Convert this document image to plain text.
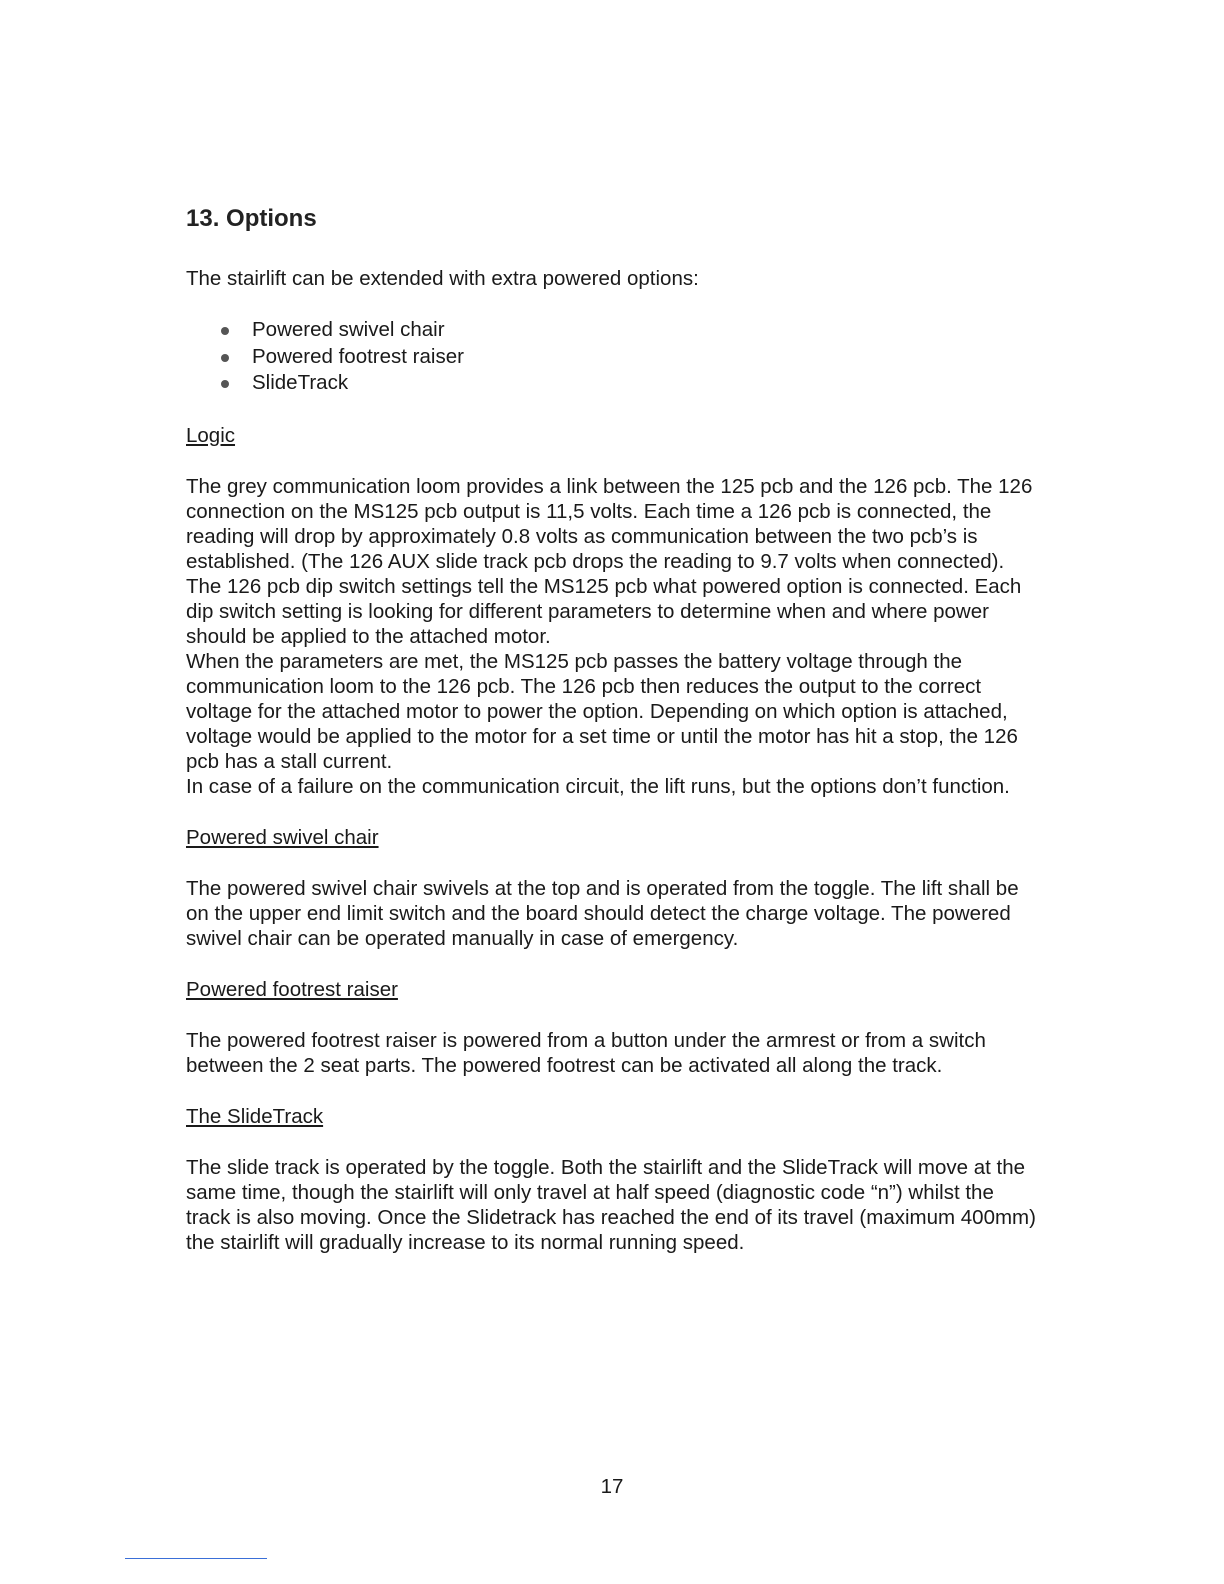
13. Options

The stairlift can be extended with extra powered options:

Powered swivel chair
Powered footrest raiser
SlideTrack
Logic

The grey communication loom provides a link between the 125 pcb and the 126 pcb. The 126 connection on the MS125 pcb output is 11,5 volts. Each time a 126 pcb is connected, the reading will drop by approximately 0.8 volts as communication between the two pcb’s is established. (The 126 AUX slide track pcb drops the reading to 9.7 volts when connected).

The 126 pcb dip switch settings tell the MS125 pcb what powered option is connected. Each dip switch setting is looking for different parameters to determine when and where power should be applied to the attached motor.

When the parameters are met, the MS125 pcb passes the battery voltage through the communication loom to the 126 pcb. The 126 pcb then reduces the output to the correct voltage for the attached motor to power the option. Depending on which option is attached, voltage would be applied to the motor for a set time or until the motor has hit a stop, the 126 pcb has a stall current.

In case of a failure on the communication circuit, the lift runs, but the options don’t function.

Powered swivel chair

The powered swivel chair swivels at the top and is operated from the toggle. The lift shall be on the upper end limit switch and the board should detect the charge voltage. The powered swivel chair can be operated manually in case of emergency.

Powered footrest raiser

The powered footrest raiser is powered from a button under the armrest or from a switch between the 2 seat parts. The powered footrest can be activated all along the track.

The SlideTrack

The slide track is operated by the toggle. Both the stairlift and the SlideTrack will move at the same time, though the stairlift will only travel at half speed (diagnostic code “n”) whilst the track is also moving. Once the Slidetrack has reached the end of its travel (maximum 400mm) the stairlift will gradually increase to its normal running speed.

17
